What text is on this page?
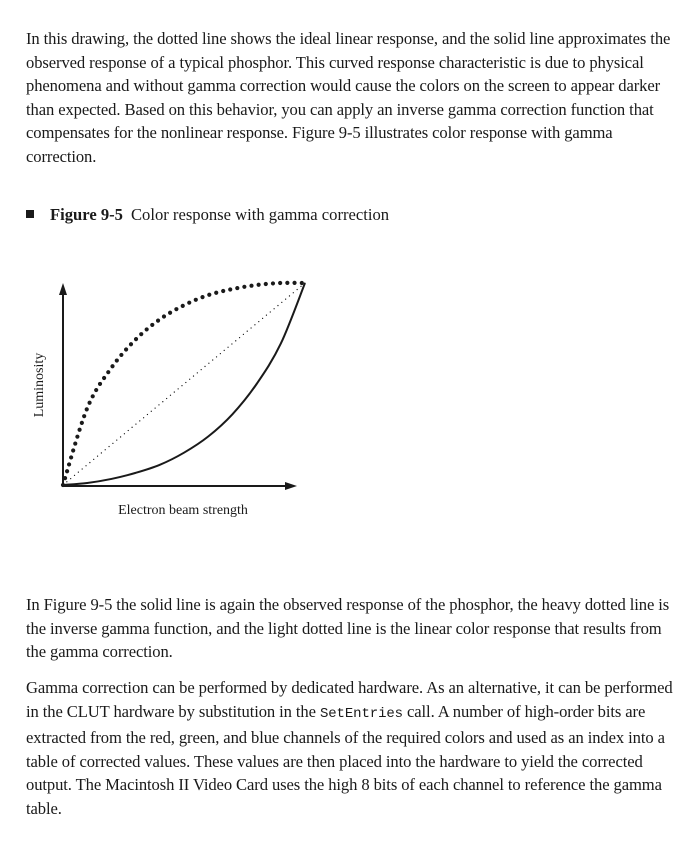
In this drawing, the dotted line shows the ideal linear response, and the solid line approximates the observed response of a typical phosphor. This curved response characteristic is due to physical phenomena and without gamma correction would cause the colors on the screen to appear darker than expected. Based on this behavior, you can apply an inverse gamma correction function that compensates for the nonlinear response. Figure 9-5 illustrates color response with gamma correction.

Figure 9-5 Color response with gamma correction
Luminosity
Electron beam strength

In Figure 9-5 the solid line is again the observed response of the phosphor, the heavy dotted line is the inverse gamma function, and the light dotted line is the linear color response that results from the gamma correction.

Gamma correction can be performed by dedicated hardware. As an alternative, it can be performed in the CLUT hardware by substitution in the SetEntries call. A number of high-order bits are extracted from the red, green, and blue channels of the required colors and used as an index into a table of corrected values. These values are then placed into the hardware to yield the corrected output. The Macintosh II Video Card uses the high 8 bits of each channel to reference the gamma table.
